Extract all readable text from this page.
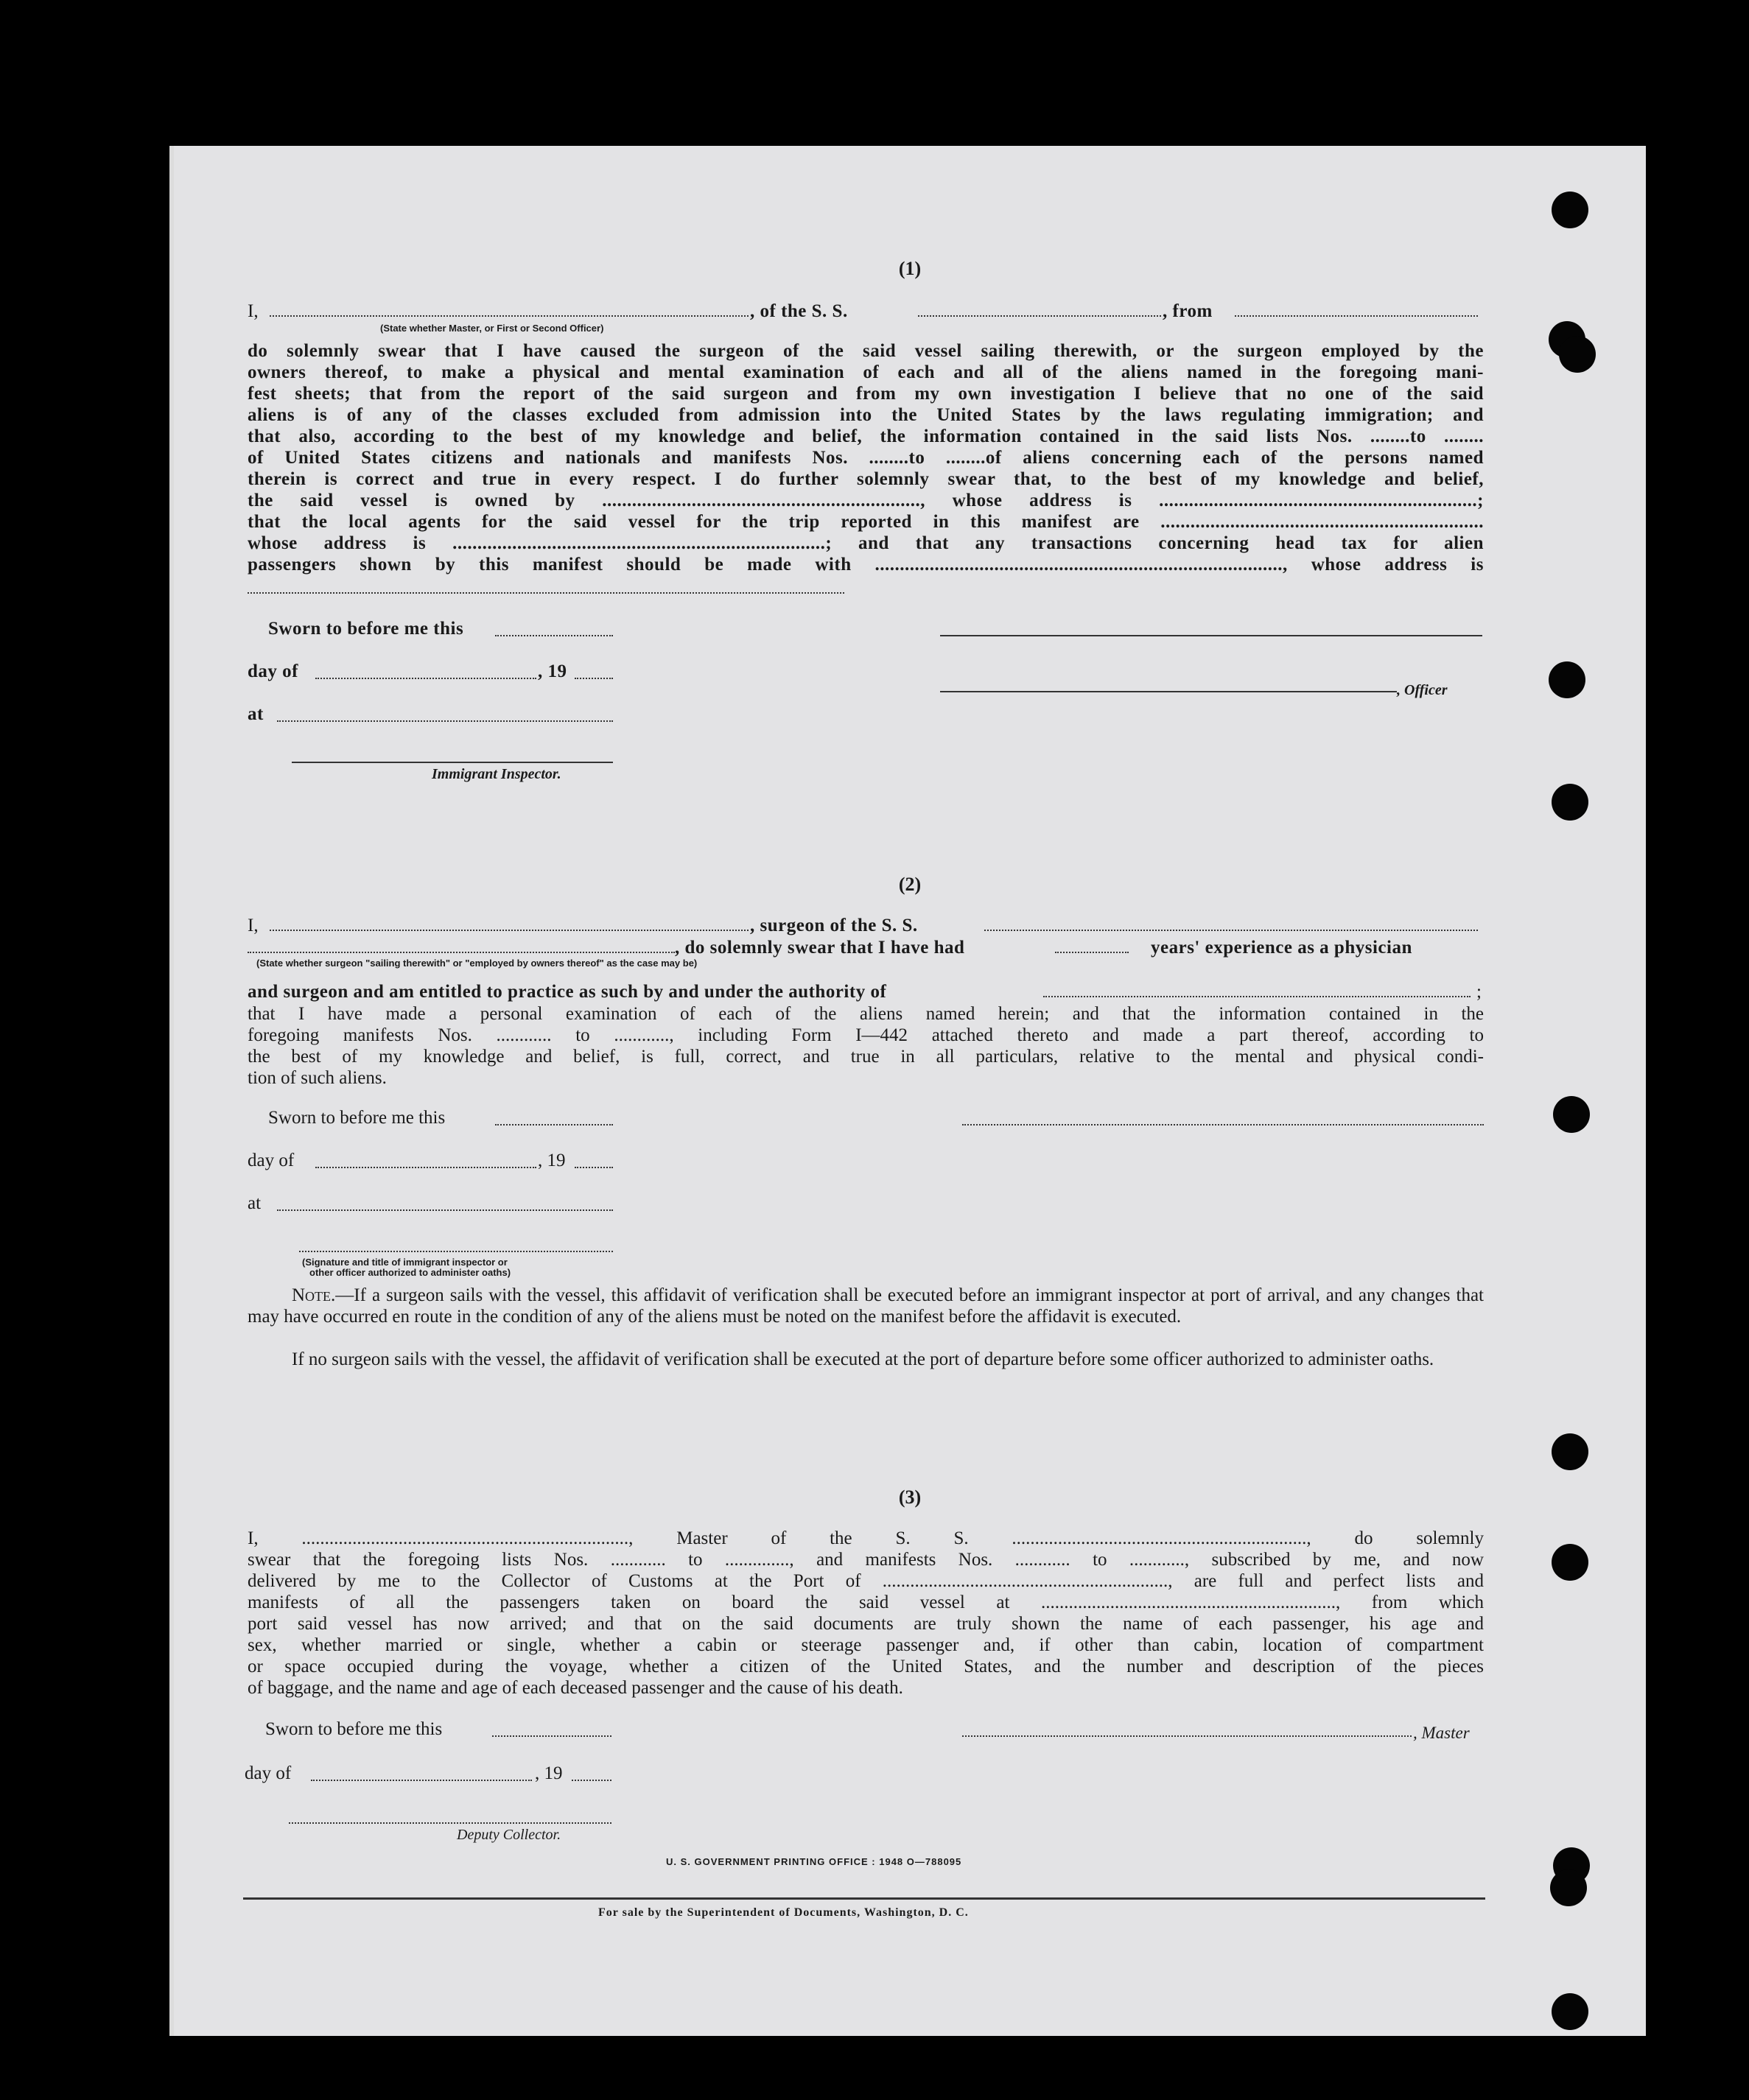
(1)
I,	, of the S. S.	, from
(State whether Master, or First or Second Officer)
do solemnly swear that I have caused the surgeon of the said vessel sailing therewith, or the surgeon employed by the
owners thereof, to make a physical and mental examination of each and all of the aliens named in the foregoing mani-
fest sheets; that from the report of the said surgeon and from my own investigation I believe that no one of the said
aliens is of any of the classes excluded from admission into the United States by the laws regulating immigration; and
that also, according to the best of my knowledge and belief, the information contained in the said lists Nos. ........to ........
of United States citizens and nationals and manifests Nos. ........to ........of aliens concerning each of the persons named
therein is correct and true in every respect. I do further solemnly swear that, to the best of my knowledge and belief,
the said vessel is owned by ................................................................, whose address is ................................................................;
that the local agents for the said vessel for the trip reported in this manifest are .................................................................
whose address is ...........................................................................; and that any transactions concerning head tax for alien
passengers shown by this manifest should be made with .................................................................................., whose address is
Sworn to before me this
day of	, 19
, Officer
at
Immigrant Inspector.
(2)
I,	, surgeon of the S. S.
, do solemnly swear that I have had	years' experience as a physician
(State whether surgeon "sailing therewith" or "employed by owners thereof" as the case may be)
and surgeon and am entitled to practice as such by and under the authority of	;
that I have made a personal examination of each of the aliens named herein; and that the information contained in the
foregoing manifests Nos. ............ to ............, including Form I—442 attached thereto and made a part thereof, according to
the best of my knowledge and belief, is full, correct, and true in all particulars, relative to the mental and physical condi-
tion of such aliens.
Sworn to before me this
day of	, 19
at
(Signature and title of immigrant inspector or
other officer authorized to administer oaths)
Note.—If a surgeon sails with the vessel, this affidavit of verification shall be executed before an immigrant inspector at port of arrival, and any changes that may have occurred en route in the condition of any of the aliens must be noted on the manifest before the affidavit is executed.
If no surgeon sails with the vessel, the affidavit of verification shall be executed at the port of departure before some officer authorized to administer oaths.
(3)
I, ......................................................................., Master of the S. S. ................................................................, do solemnly
swear that the foregoing lists Nos. ............ to .............., and manifests Nos. ............ to ............, subscribed by me, and now
delivered by me to the Collector of Customs at the Port of .............................................................., are full and perfect lists and
manifests of all the passengers taken on board the said vessel at ................................................................, from which
port said vessel has now arrived; and that on the said documents are truly shown the name of each passenger, his age and
sex, whether married or single, whether a cabin or steerage passenger and, if other than cabin, location of compartment
or space occupied during the voyage, whether a citizen of the United States, and the number and description of the pieces
of baggage, and the name and age of each deceased passenger and the cause of his death.
Sworn to before me this	, Master
day of	, 19
Deputy Collector.
U. S. GOVERNMENT PRINTING OFFICE : 1948 O—788095
For sale by the Superintendent of Documents, Washington, D. C.
